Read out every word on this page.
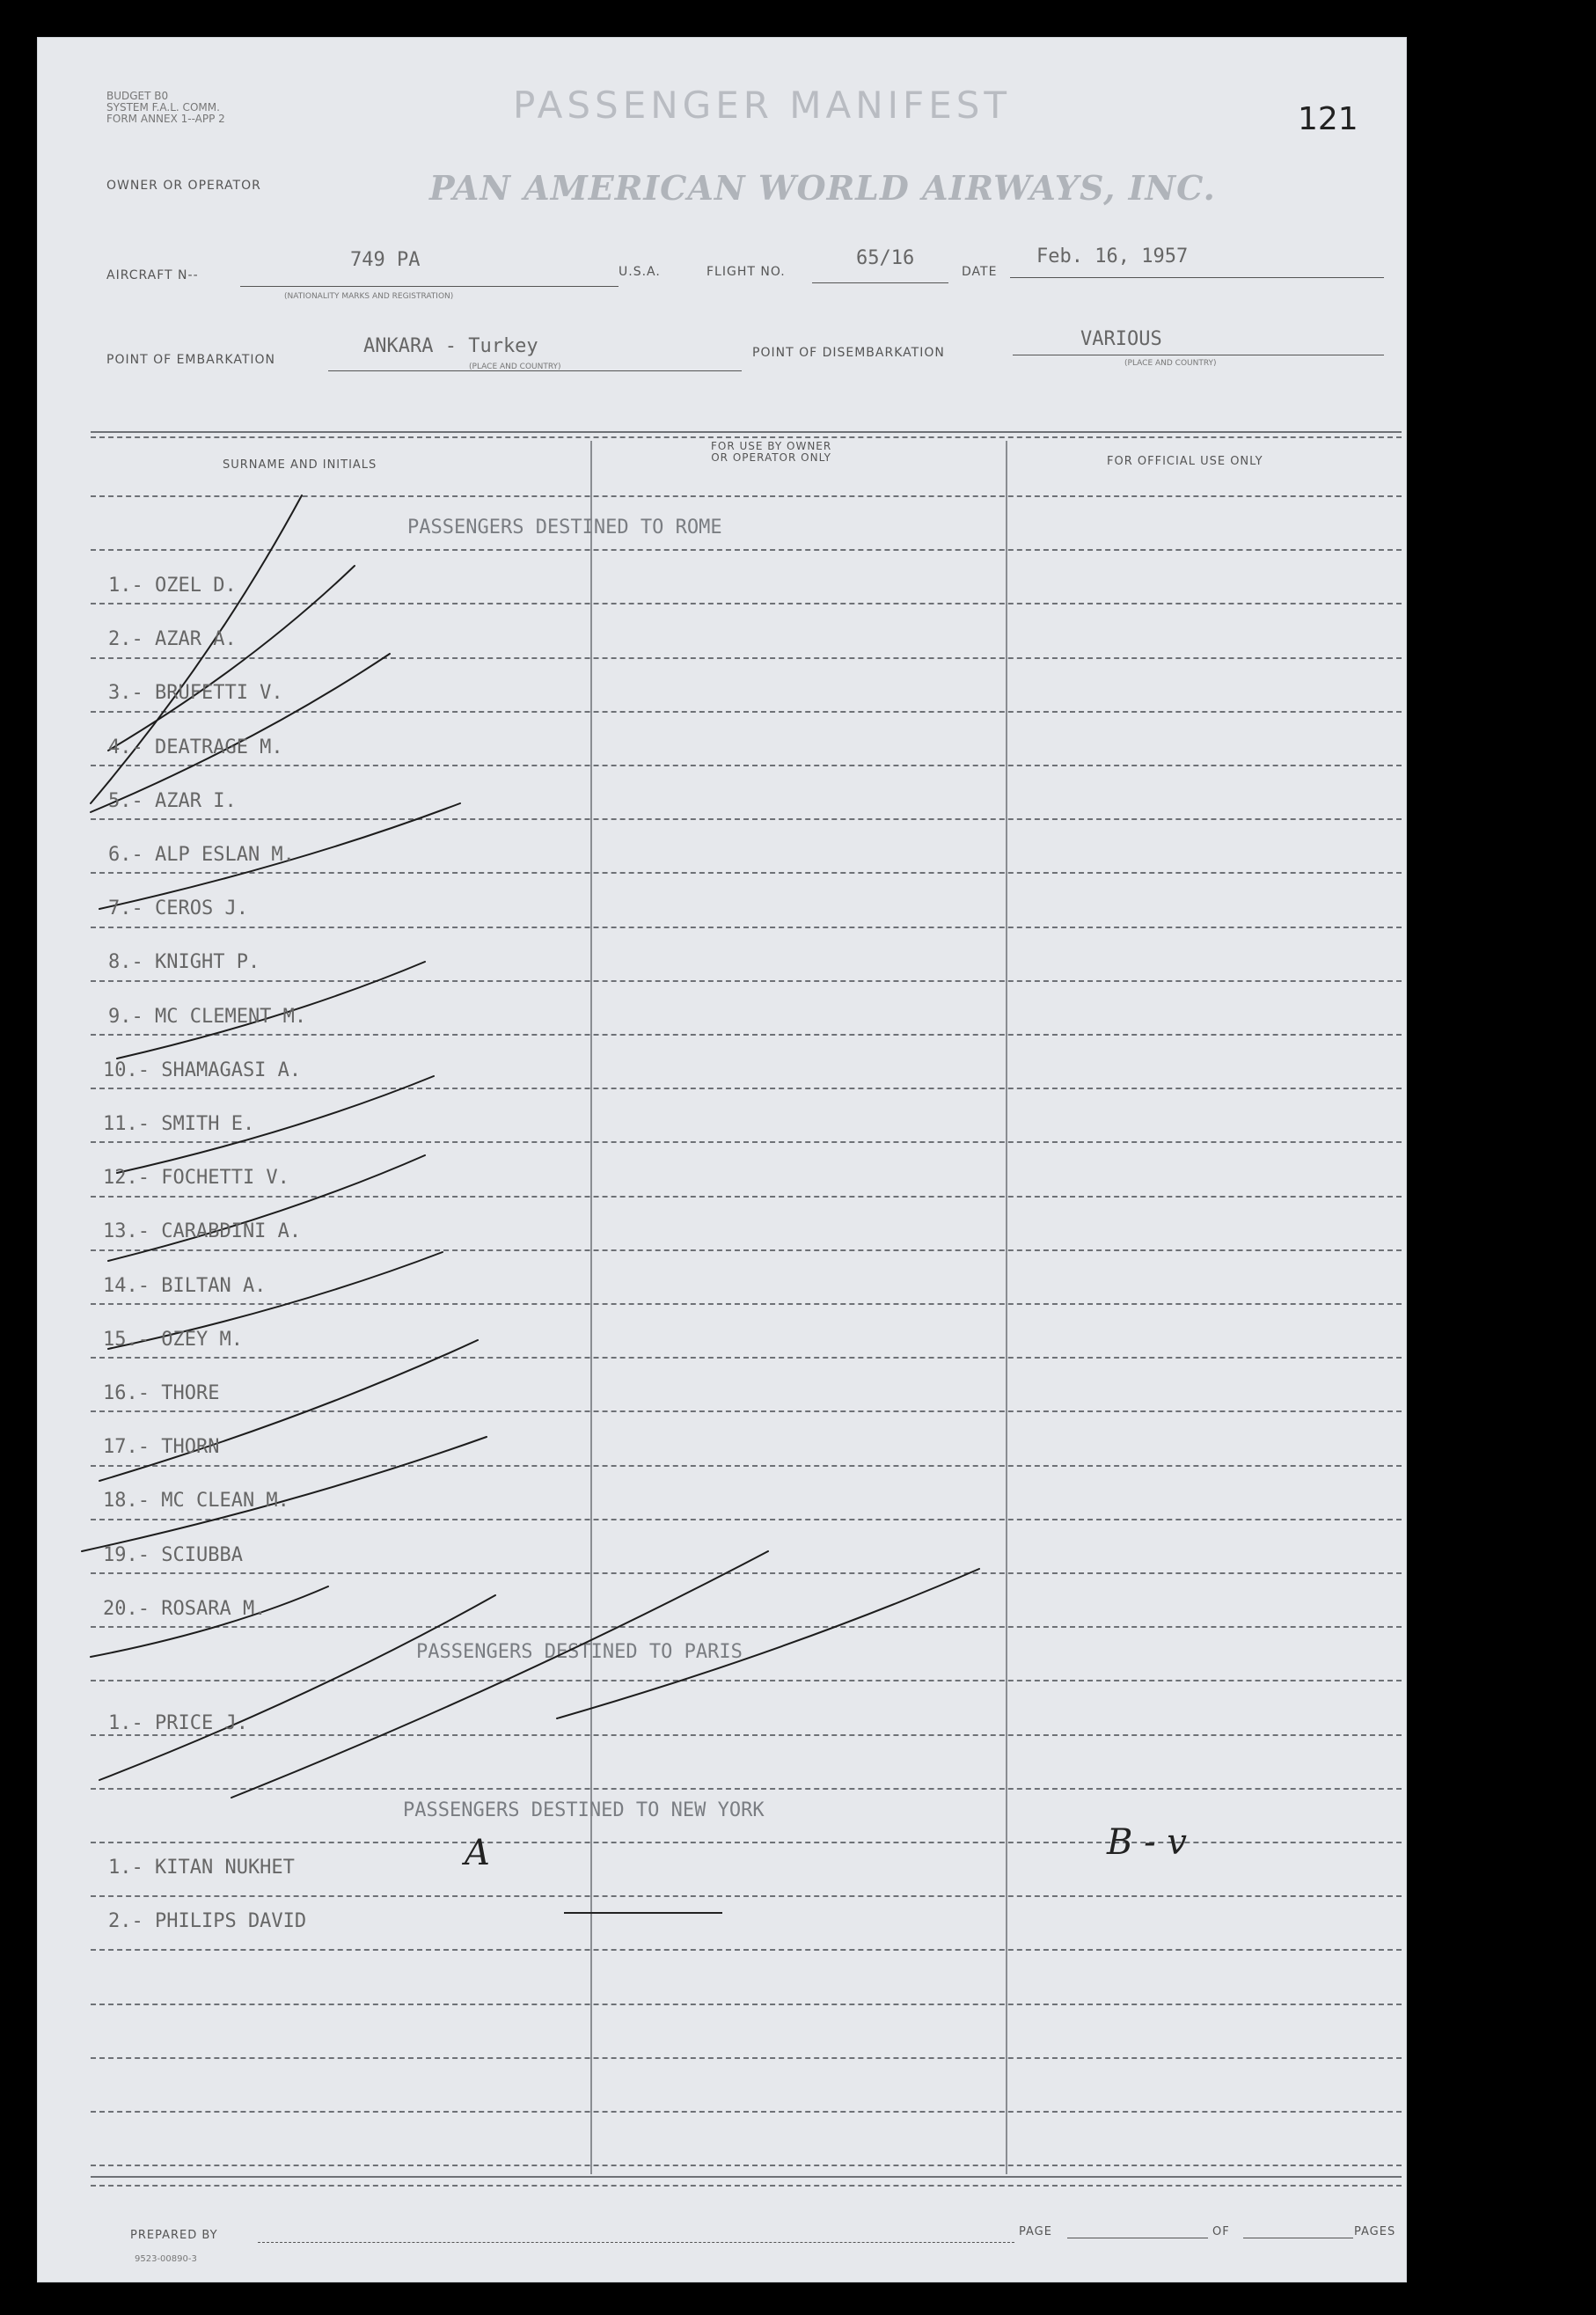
BUDGET B0
SYSTEM F.A.L. COMM.
FORM ANNEX 1--APP 2	PASSENGER MANIFEST	121
OWNER OR OPERATOR	PAN AMERICAN WORLD AIRWAYS, INC.
AIRCRAFT N--
749 PA
(NATIONALITY MARKS AND REGISTRATION)
U.S.A.	FLIGHT NO.
65/16
DATE
Feb. 16, 1957
POINT OF EMBARKATION
ANKARA - Turkey
(PLACE AND COUNTRY)
POINT OF DISEMBARKATION
VARIOUS
(PLACE AND COUNTRY)
SURNAME AND INITIALS
FOR USE BY OWNER
OR OPERATOR ONLY	FOR OFFICIAL USE ONLY
PASSENGERS DESTINED TO ROME
PASSENGERS DESTINED TO PARIS
PASSENGERS DESTINED TO NEW YORK
A	B - v
PREPARED BY	PAGE	OF	PAGES
9523-00890-3
1.- OZEL D.
2.- AZAR A.
3.- BRUFETTI V.
4.- DEATRAGE M.
5.- AZAR I.
6.- ALP ESLAN M.
7.- CEROS J.
8.- KNIGHT P.
9.- MC CLEMENT M.
10.- SHAMAGASI A.
11.- SMITH E.
12.- FOCHETTI V.
13.- CARABDINI A.
14.- BILTAN A.
15.- OZEY M.
16.- THORE
17.- THORN
18.- MC CLEAN M.
19.- SCIUBBA
20.- ROSARA M.
1.- PRICE J.
1.- KITAN NUKHET
2.- PHILIPS DAVID
